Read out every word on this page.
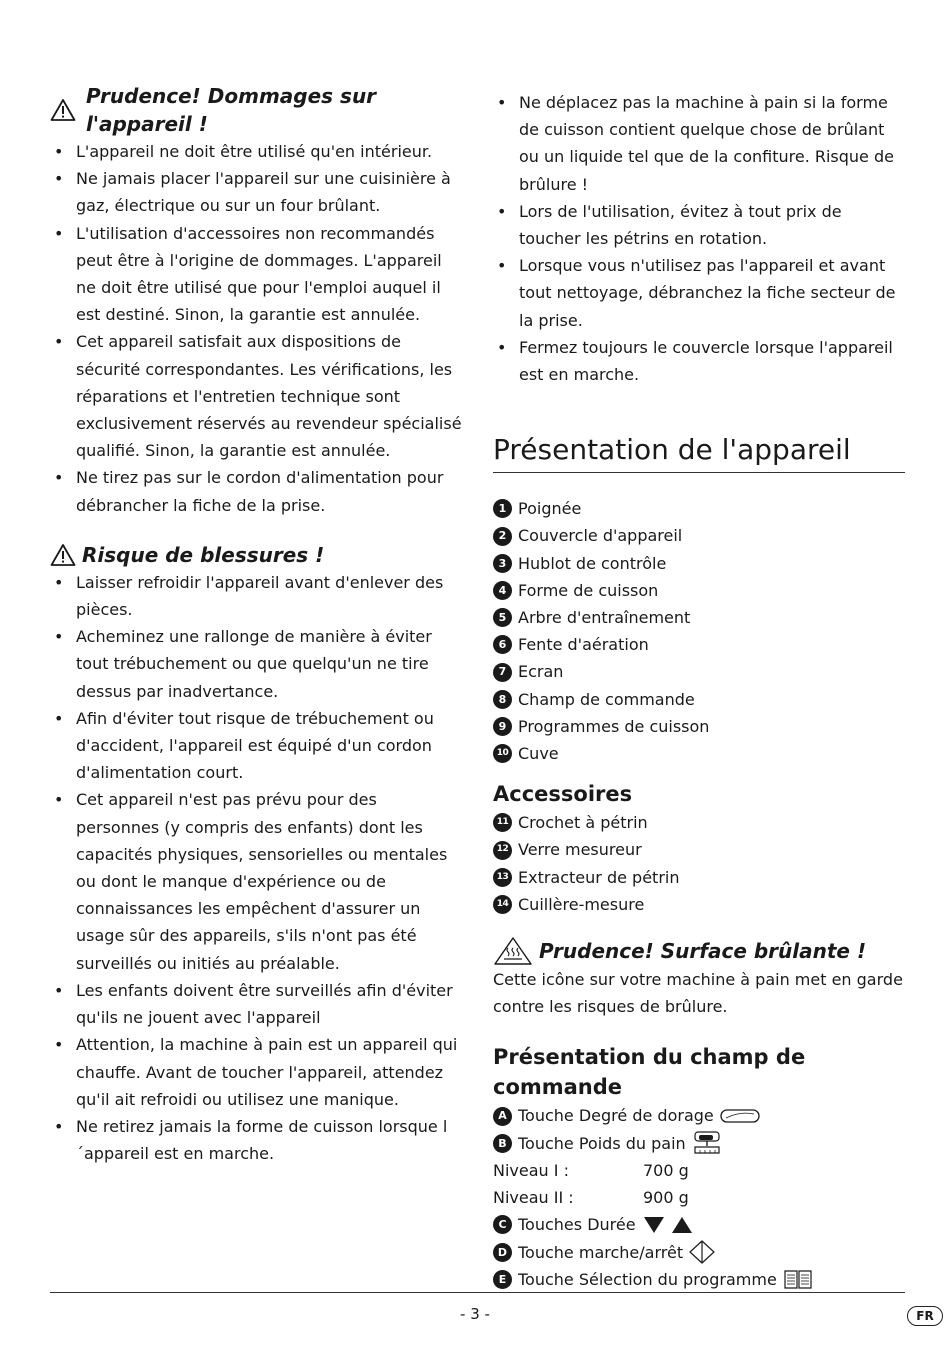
Prudence! Dommages sur l'appareil !
• L'appareil ne doit être utilisé qu'en intérieur.
• Ne jamais placer l'appareil sur une cuisinière à gaz, électrique ou sur un four brûlant.
• L'utilisation d'accessoires non recommandés peut être à l'origine de dommages. L'appareil ne doit être utilisé que pour l'emploi auquel il est destiné. Sinon, la garantie est annulée.
• Cet appareil satisfait aux dispositions de sécurité correspondantes. Les vérifications, les réparations et l'entretien technique sont exclusivement réservés au revendeur spécialisé qualifié. Sinon, la garantie est annulée.
• Ne tirez pas sur le cordon d'alimentation pour débrancher la fiche de la prise.
Risque de blessures !
• Laisser refroidir l'appareil avant d'enlever des pièces.
• Acheminez une rallonge de manière à éviter tout trébuchement ou que quelqu'un ne tire dessus par inadvertance.
• Afin d'éviter tout risque de trébuchement ou d'accident, l'appareil est équipé d'un cordon d'alimentation court.
• Cet appareil n'est pas prévu pour des personnes (y compris des enfants) dont les capacités physiques, sensorielles ou mentales ou dont le manque d'expérience ou de connaissances les empêchent d'assurer un usage sûr des appareils, s'ils n'ont pas été surveillés ou initiés au préalable.
• Les enfants doivent être surveillés afin d'éviter qu'ils ne jouent avec l'appareil
• Attention, la machine à pain est un appareil qui chauffe. Avant de toucher l'appareil, attendez qu'il ait refroidi ou utilisez une manique.
• Ne retirez jamais la forme de cuisson lorsque l´appareil est en marche.
• Ne déplacez pas la machine à pain si la forme de cuisson contient quelque chose de brûlant ou un liquide tel que de la confiture. Risque de brûlure !
• Lors de l'utilisation, évitez à tout prix de toucher les pétrins en rotation.
• Lorsque vous n'utilisez pas l'appareil et avant tout nettoyage, débranchez la fiche secteur de la prise.
• Fermez toujours le couvercle lorsque l'appareil est en marche.
Présentation de l'appareil
1 Poignée
2 Couvercle d'appareil
3 Hublot de contrôle
4 Forme de cuisson
5 Arbre d'entraînement
6 Fente d'aération
7 Ecran
8 Champ de commande
9 Programmes de cuisson
10 Cuve
Accessoires
11 Crochet à pétrin
12 Verre mesureur
13 Extracteur de pétrin
14 Cuillère-mesure
Prudence! Surface brûlante !

Cette icône sur votre machine à pain met en garde contre les risques de brûlure.

Présentation du champ de commande
A Touche Degré de dorage
B Touche Poids du pain
Niveau I :	700 g
Niveau II :	900 g
C Touches Durée
D Touche marche/arrêt
E Touche Sélection du programme
- 3 -	FR
